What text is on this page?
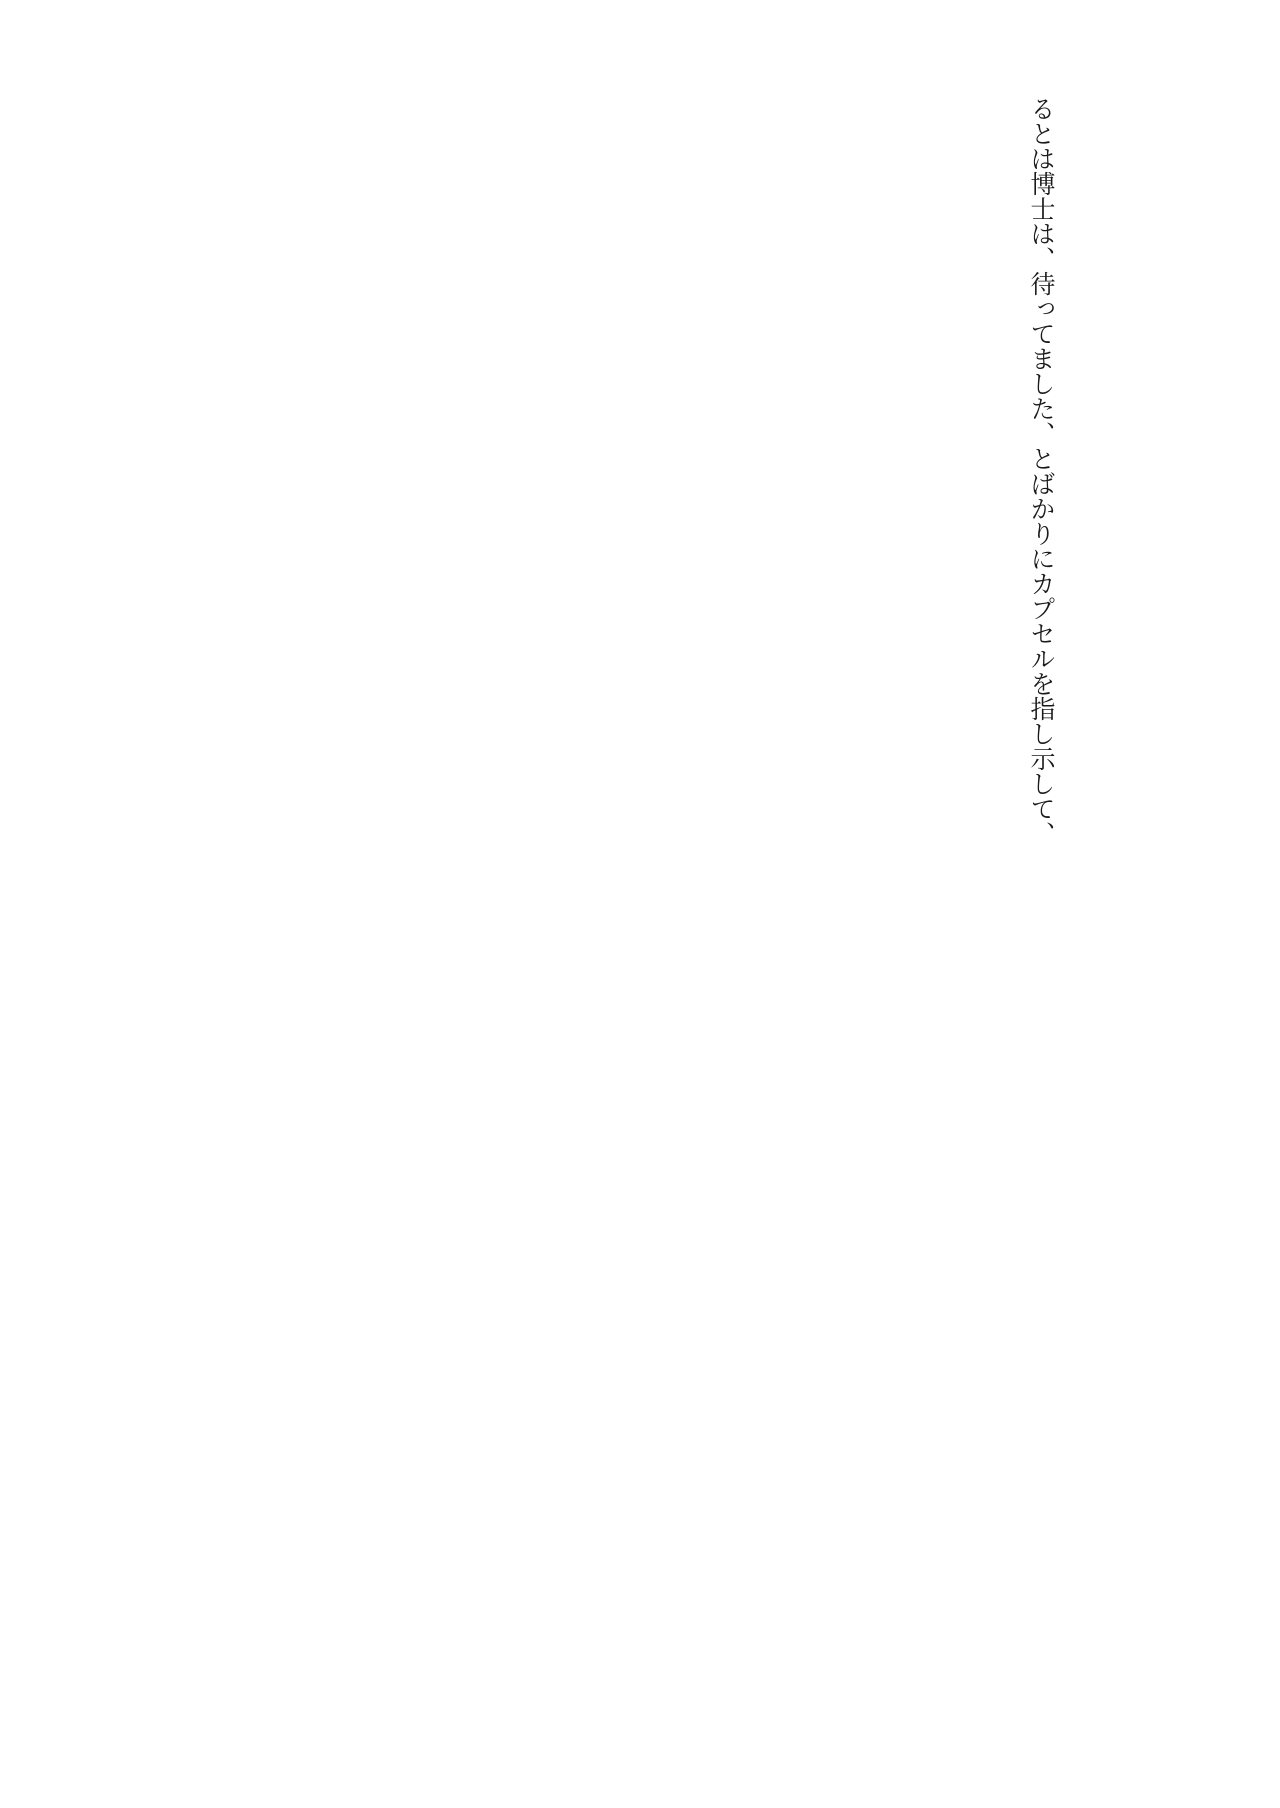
るとは博士は、待ってました、とばかりにカプセルを指し示して、
